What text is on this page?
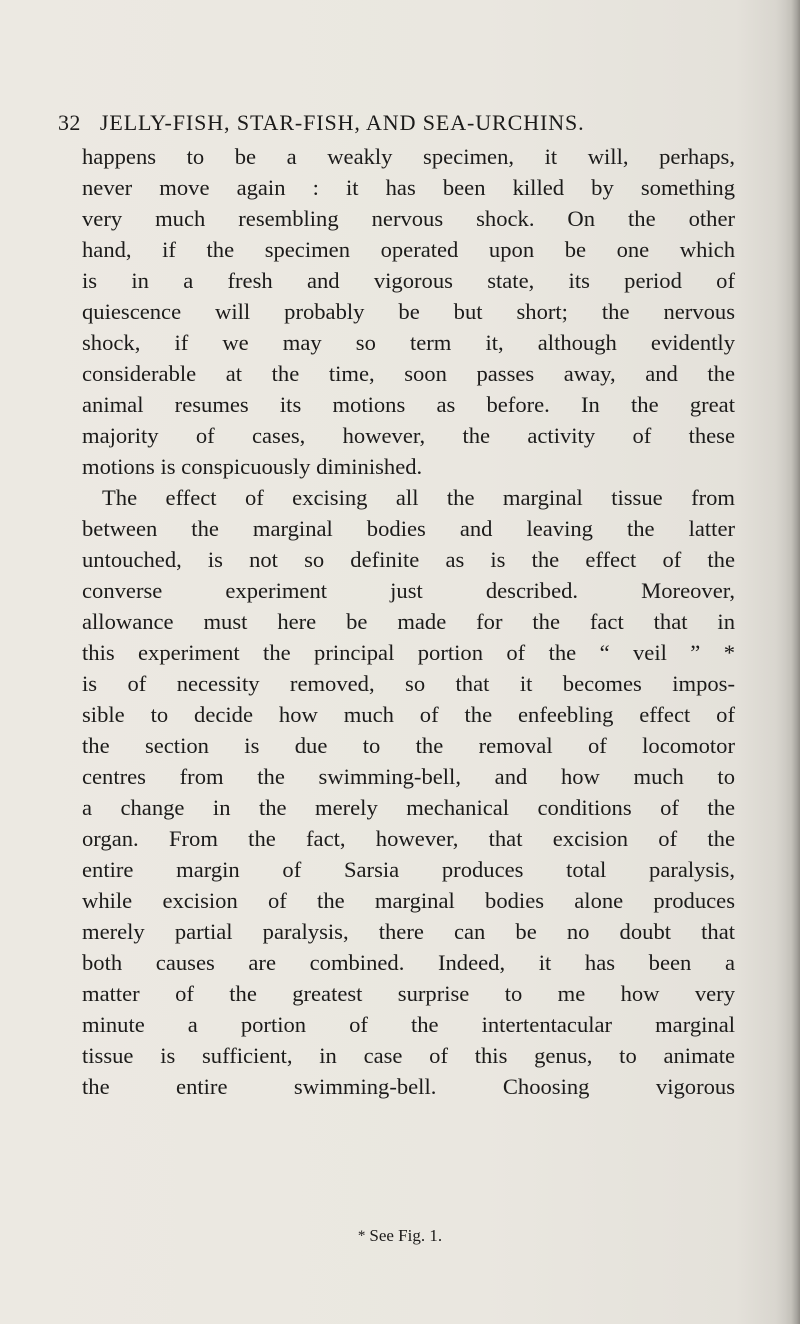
32 JELLY-FISH, STAR-FISH, AND SEA-URCHINS.
happens to be a weakly specimen, it will, perhaps,
never move again : it has been killed by something
very much resembling nervous shock. On the other
hand, if the specimen operated upon be one which
is in a fresh and vigorous state, its period of
quiescence will probably be but short; the nervous
shock, if we may so term it, although evidently
considerable at the time, soon passes away, and the
animal resumes its motions as before. In the great
majority of cases, however, the activity of these
motions is conspicuously diminished.
The effect of excising all the marginal tissue from
between the marginal bodies and leaving the latter
untouched, is not so definite as is the effect of the
converse experiment just described. Moreover,
allowance must here be made for the fact that in
this experiment the principal portion of the “ veil ” *
is of necessity removed, so that it becomes impos-
sible to decide how much of the enfeebling effect of
the section is due to the removal of locomotor
centres from the swimming-bell, and how much to
a change in the merely mechanical conditions of the
organ. From the fact, however, that excision of the
entire margin of Sarsia produces total paralysis,
while excision of the marginal bodies alone produces
merely partial paralysis, there can be no doubt that
both causes are combined. Indeed, it has been a
matter of the greatest surprise to me how very
minute a portion of the intertentacular marginal
tissue is sufficient, in case of this genus, to animate
the entire swimming-bell. Choosing vigorous
* See Fig. 1.
